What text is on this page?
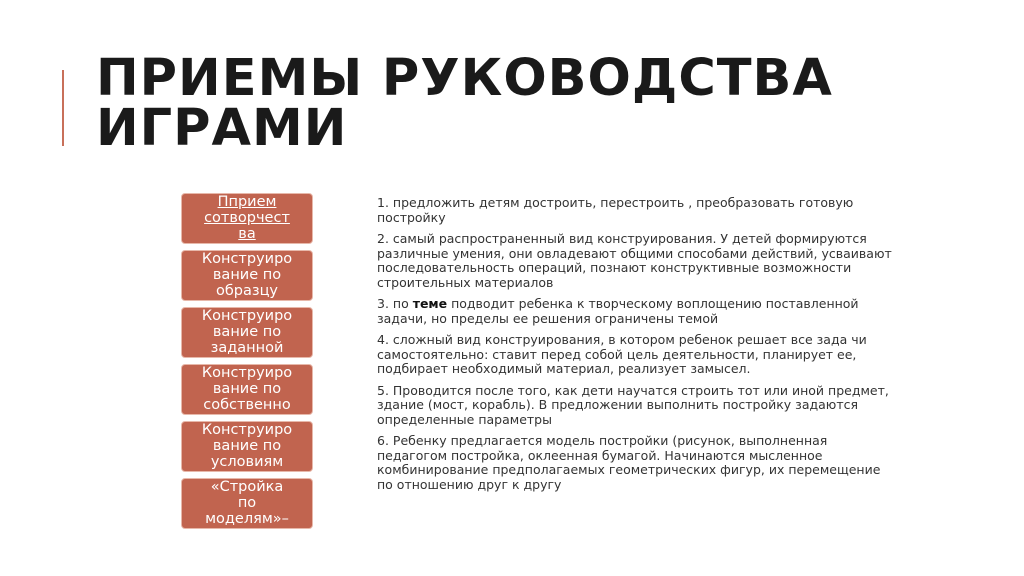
ПРИЕМЫ РУКОВОДСТВА ИГРАМИ
Пприем
сотворчест
ва
Конструиро
вание по
образцу
Конструиро
вание по
заданной

Конструиро
вание по
собственно

Конструиро
вание по
условиям
«Стройка
по
моделям»–

1. предложить детям достроить, перестроить , преобразовать готовую постройку

2. самый распространенный вид конструирования. У детей формируются различные умения, они овладевают общими способами действий, усваивают последовательность операций, познают конструктивные возможности строительных материалов

3. по теме подводит ребенка к творческому воплощению поставленной задачи, но пределы ее решения ограничены темой

4. сложный вид конструирования, в котором ребенок решает все зада чи самостоятельно: ставит перед собой цель деятельности, планирует ее, подбирает необходимый материал, реализует замысел.

5. Проводится после того, как дети научатся строить тот или иной предмет, здание (мост, корабль). В предложении выполнить постройку задаются определенные параметры

6. Ребенку предлагается модель постройки (рисунок, выполненная педагогом постройка, оклеенная бумагой. Начинаются мысленное комбинирование предполагаемых геометрических фигур, их перемещение по отношению друг к другу
